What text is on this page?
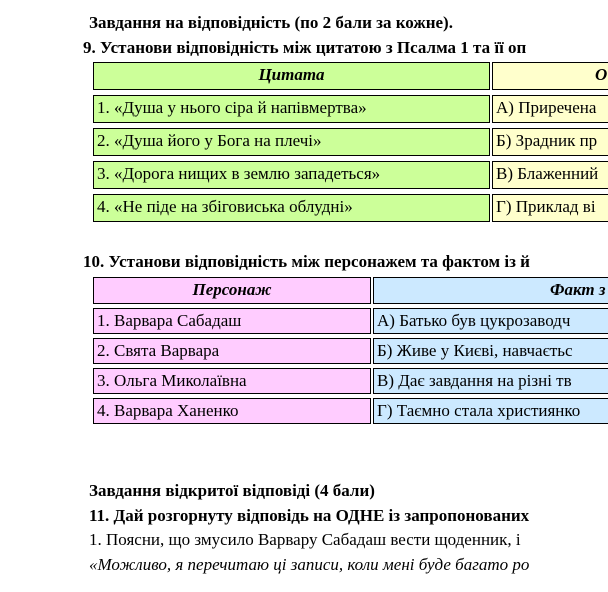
Завдання на відповідність (по 2 бали за кожне).
9. Установи відповідність між цитатою з Псалма 1 та її оп
Цитата	О
1. «Душа у нього сіра й напівмертва»	А) Приречена
2. «Душа його у Бога на плечі»	Б) Зрадник пр
3. «Дорога нищих в землю западеться»	В) Блаженний
4. «Не піде на збіговиська облудні»	Г) Приклад ві
10. Установи відповідність між персонажем та фактом із й
Персонаж	Факт з
1. Варвара Сабадаш	А) Батько був цукрозаводч
2. Свята Варвара	Б) Живе у Києві, навчаєтьс
3. Ольга Миколаївна	В) Дає завдання на різні тв
4. Варвара Ханенко	Г) Таємно стала християнко
Завдання відкритої відповіді (4 бали)
11. Дай розгорнуту відповідь на ОДНЕ із запропонованих
1. Поясни, що змусило Варвару Сабадаш вести щоденник, і
«Можливо, я перечитаю ці записи, коли мені буде багато ро
